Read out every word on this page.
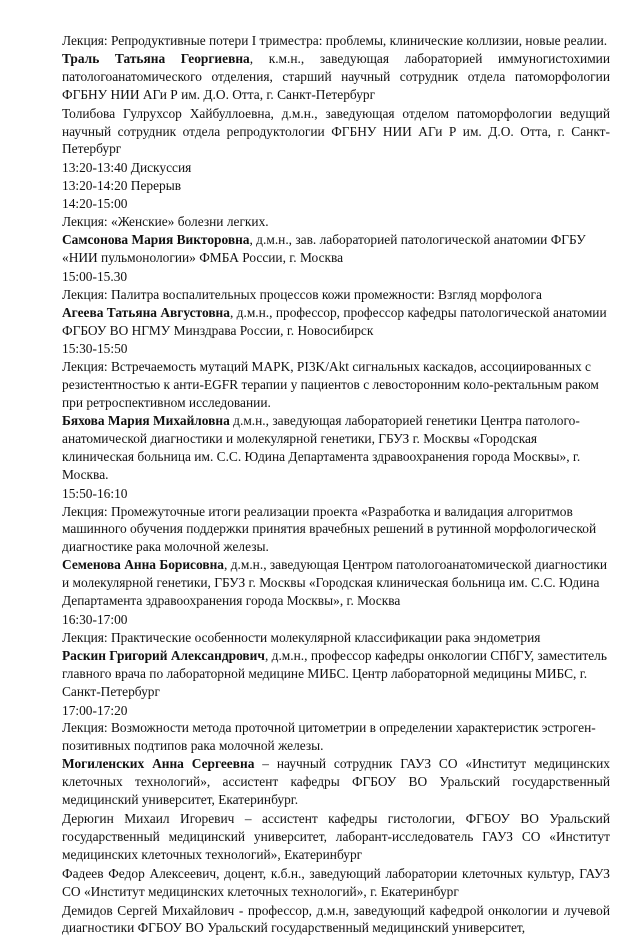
Лекция: Репродуктивные потери I триместра: проблемы, клинические коллизии, новые реалии.

Траль Татьяна Георгиевна, к.м.н., заведующая лабораторией иммуногистохимии патологоанатомического отделения, старший научный сотрудник отдела патоморфологии ФГБНУ НИИ АГи Р им. Д.О. Отта, г. Санкт-Петербург

Толибова Гулрухсор Хайбуллоевна, д.м.н., заведующая отделом патоморфологии ведущий научный сотрудник отдела репродуктологии ФГБНУ НИИ АГи Р им. Д.О. Отта, г. Санкт-Петербург

13:20-13:40 Дискуссия

13:20-14:20 Перерыв

14:20-15:00

Лекция: «Женские» болезни легких.

Самсонова Мария Викторовна, д.м.н., зав. лабораторией патологической анатомии ФГБУ «НИИ пульмонологии» ФМБА России, г. Москва

15:00-15.30

Лекция: Палитра воспалительных процессов кожи промежности: Взгляд морфолога

Агеева Татьяна Августовна, д.м.н., профессор, профессор кафедры патологической анатомии ФГБОУ ВО НГМУ Минздрава России, г. Новосибирск

15:30-15:50

Лекция: Встречаемость мутаций MAPK, PI3K/Akt сигнальных каскадов, ассоциированных с резистентностью к анти-EGFR терапии у пациентов с левосторонним коло-ректальным раком при ретроспективном исследовании.

Бяхова Мария Михайловна д.м.н., заведующая лабораторией генетики Центра патолого-анатомической диагностики и молекулярной генетики, ГБУЗ г. Москвы «Городская клиническая больница им. С.С. Юдина Департамента здравоохранения города Москвы», г. Москва.

15:50-16:10

Лекция: Промежуточные итоги реализации проекта «Разработка и валидация алгоритмов машинного обучения поддержки принятия врачебных решений в рутинной морфологической диагностике рака молочной железы.

Семенова Анна Борисовна, д.м.н., заведующая Центром патологоанатомической диагностики и молекулярной генетики, ГБУЗ г. Москвы «Городская клиническая больница им. С.С. Юдина Департамента здравоохранения города Москвы», г. Москва

16:30-17:00

Лекция: Практические особенности молекулярной классификации рака эндометрия

Раскин Григорий Александрович, д.м.н., профессор кафедры онкологии СПбГУ, заместитель главного врача по лабораторной медицине МИБС. Центр лабораторной медицины МИБС, г. Санкт-Петербург

17:00-17:20

Лекция: Возможности метода проточной цитометрии в определении характеристик эстроген-позитивных подтипов рака молочной железы.

Могиленских Анна Сергеевна – научный сотрудник ГАУЗ СО «Институт медицинских клеточных технологий», ассистент кафедры ФГБОУ ВО Уральский государственный медицинский университет, Екатеринбург.

Дерюгин Михаил Игоревич – ассистент кафедры гистологии, ФГБОУ ВО Уральский государственный медицинский университет, лаборант-исследователь ГАУЗ СО «Институт медицинских клеточных технологий», Екатеринбург

Фадеев Федор Алексеевич, доцент, к.б.н., заведующий лаборатории клеточных культур, ГАУЗ СО «Институт медицинских клеточных технологий», г. Екатеринбург

Демидов Сергей Михайлович - профессор, д.м.н, заведующий кафедрой онкологии и лучевой диагностики ФГБОУ ВО Уральский государственный медицинский университет,
